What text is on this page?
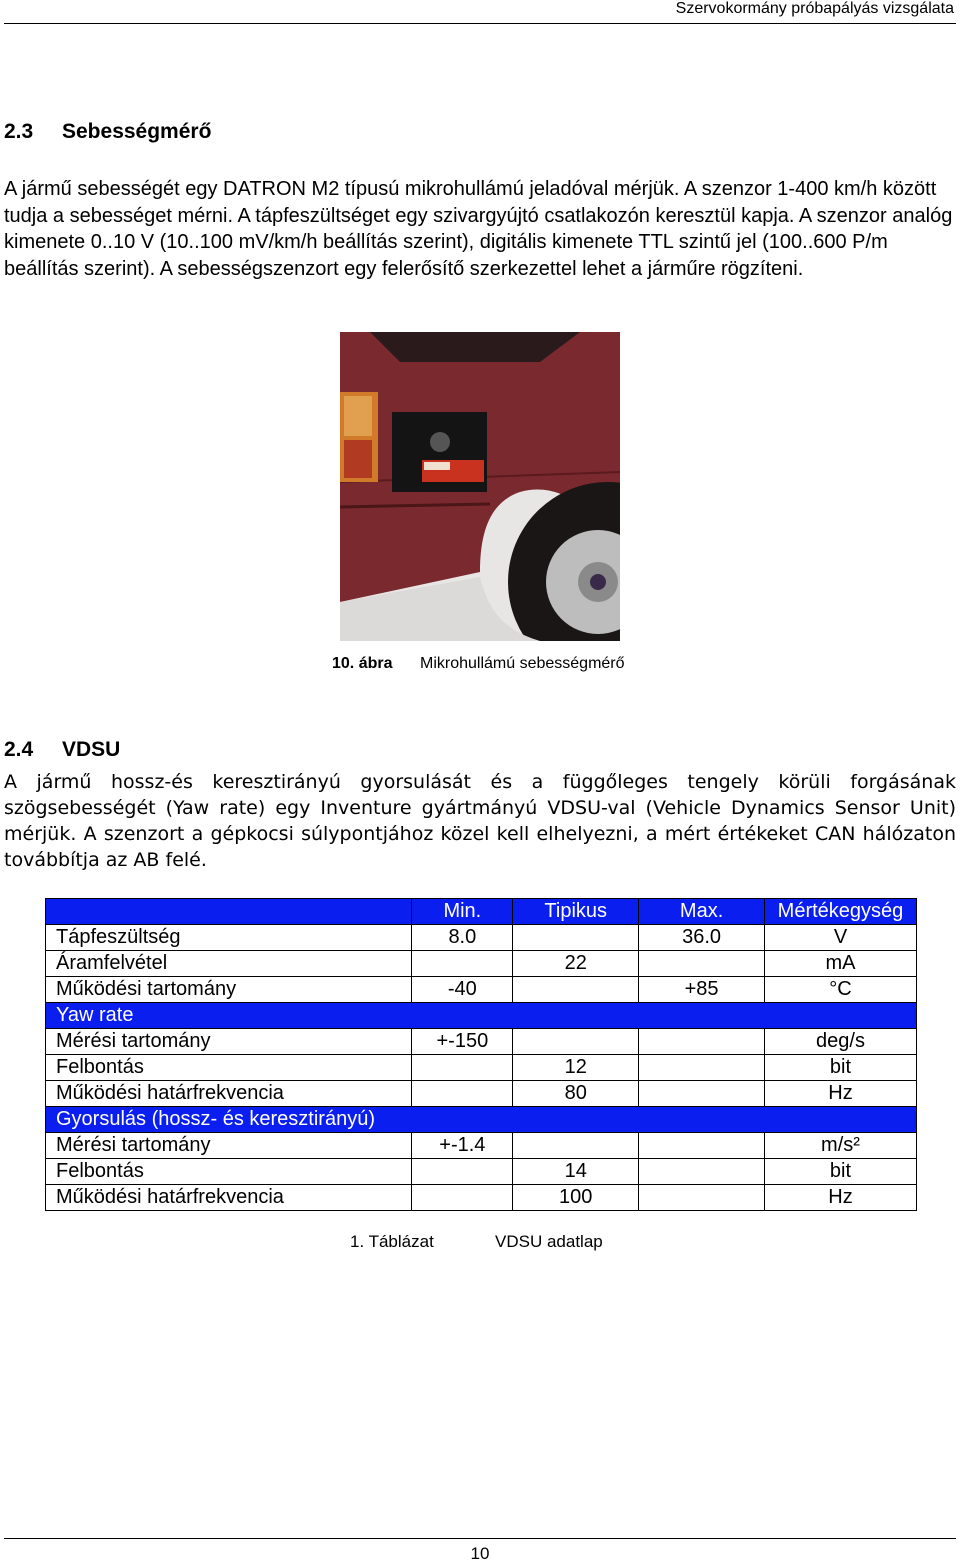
Szervokormány próbapályás vizsgálata
2.3 Sebességmérő

A jármű sebességét egy DATRON M2 típusú mikrohullámú jeladóval mérjük. A szenzor 1-400 km/h között tudja a sebességet mérni. A tápfeszültséget egy szivargyújtó csatlakozón keresztül kapja. A szenzor analóg kimenete 0..10 V (10..100 mV/km/h beállítás szerint), digitális kimenete TTL szintű jel (100..600 P/m beállítás szerint). A sebességszenzort egy felerősítő szerkezettel lehet a járműre rögzíteni.

10. ábra Mikrohullámú sebességmérő
2.4 VDSU

A jármű hossz-és keresztirányú gyorsulását és a függőleges tengely körüli forgásának szögsebességét (Yaw rate) egy Inventure gyártmányú VDSU-val (Vehicle Dynamics Sensor Unit) mérjük. A szenzort a gépkocsi súlypontjához közel kell elhelyezni, a mért értékeket CAN hálózaton továbbítja az AB felé.

	Min.	Tipikus	Max.	Mértékegység
Tápfeszültség	8.0		36.0	V
Áramfelvétel		22		mA
Működési tartomány	-40		+85	°C
Yaw rate				
Mérési tartomány	+-150			deg/s
Felbontás		12		bit
Működési határfrekvencia		80		Hz
Gyorsulás (hossz- és keresztirányú)				
Mérési tartomány	+-1.4			m/s²
Felbontás		14		bit
Működési határfrekvencia		100		Hz
1. Táblázat	VDSU adatlap
10
